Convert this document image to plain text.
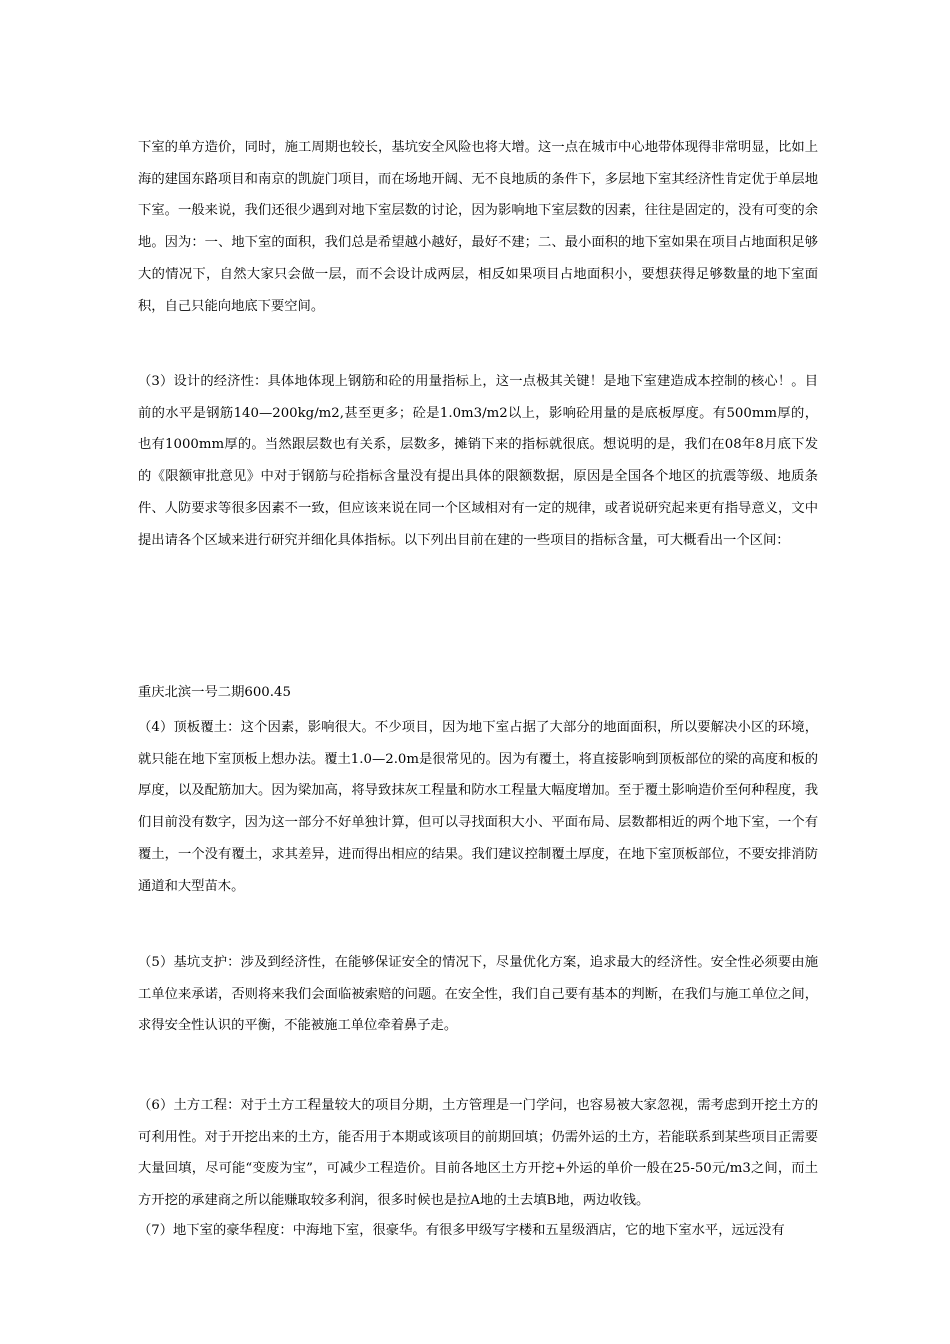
下室的单方造价，同时，施工周期也较长，基坑安全风险也将大增。这一点在城市中心地带体现得非常明显，比如上海的建国东路项目和南京的凯旋门项目，而在场地开阔、无不良地质的条件下，多层地下室其经济性肯定优于单层地下室。一般来说，我们还很少遇到对地下室层数的讨论，因为影响地下室层数的因素，往往是固定的，没有可变的余地。因为：一、地下室的面积，我们总是希望越小越好，最好不建；二、最小面积的地下室如果在项目占地面积足够大的情况下，自然大家只会做一层，而不会设计成两层，相反如果项目占地面积小，要想获得足够数量的地下室面积，自己只能向地底下要空间。

（3）设计的经济性：具体地体现上钢筋和砼的用量指标上，这一点极其关键！是地下室建造成本控制的核心！。目前的水平是钢筋140—200kg/m2,甚至更多；砼是1.0m3/m2以上，影响砼用量的是底板厚度。有500mm厚的，也有1000mm厚的。当然跟层数也有关系，层数多，摊销下来的指标就很底。想说明的是，我们在08年8月底下发的《限额审批意见》中对于钢筋与砼指标含量没有提出具体的限额数据，原因是全国各个地区的抗震等级、地质条件、人防要求等很多因素不一致，但应该来说在同一个区域相对有一定的规律，或者说研究起来更有指导意义，文中提出请各个区域来进行研究并细化具体指标。以下列出目前在建的一些项目的指标含量，可大概看出一个区间：

重庆北滨一号二期600.45

（4）顶板覆土：这个因素，影响很大。不少项目，因为地下室占据了大部分的地面面积，所以要解决小区的环境，就只能在地下室顶板上想办法。覆土1.0—2.0m是很常见的。因为有覆土，将直接影响到顶板部位的梁的高度和板的厚度，以及配筋加大。因为梁加高，将导致抹灰工程量和防水工程量大幅度增加。至于覆土影响造价至何种程度，我们目前没有数字，因为这一部分不好单独计算，但可以寻找面积大小、平面布局、层数都相近的两个地下室，一个有覆土，一个没有覆土，求其差异，进而得出相应的结果。我们建议控制覆土厚度，在地下室顶板部位，不要安排消防通道和大型苗木。

（5）基坑支护：涉及到经济性，在能够保证安全的情况下，尽量优化方案，追求最大的经济性。安全性必须要由施工单位来承诺，否则将来我们会面临被索赔的问题。在安全性，我们自己要有基本的判断，在我们与施工单位之间，求得安全性认识的平衡，不能被施工单位牵着鼻子走。

（6）土方工程：对于土方工程量较大的项目分期，土方管理是一门学问，也容易被大家忽视，需考虑到开挖土方的可利用性。对于开挖出来的土方，能否用于本期或该项目的前期回填；仍需外运的土方，若能联系到某些项目正需要大量回填，尽可能“变废为宝”，可减少工程造价。目前各地区土方开挖+外运的单价一般在25-50元/m3之间，而土方开挖的承建商之所以能赚取较多利润，很多时候也是拉A地的土去填B地，两边收钱。

（7）地下室的豪华程度：中海地下室，很豪华。有很多甲级写字楼和五星级酒店，它的地下室水平，远远没有
